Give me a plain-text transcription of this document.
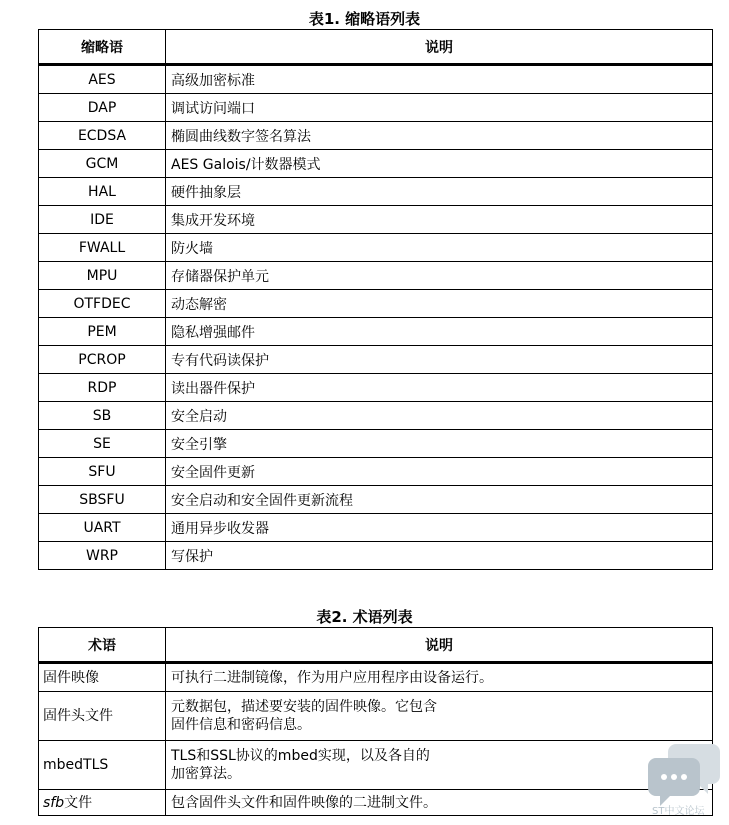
表1. 缩略语列表
缩略语	说明
AES	高级加密标准
DAP	调试访问端口
ECDSA	椭圆曲线数字签名算法
GCM	AES Galois/计数器模式
HAL	硬件抽象层
IDE	集成开发环境
FWALL	防火墙
MPU	存储器保护单元
OTFDEC	动态解密
PEM	隐私增强邮件
PCROP	专有代码读保护
RDP	读出器件保护
SB	安全启动
SE	安全引擎
SFU	安全固件更新
SBSFU	安全启动和安全固件更新流程
UART	通用异步收发器
WRP	写保护
表2. 术语列表
术语	说明
固件映像	可执行二进制镜像，作为用户应用程序由设备运行。

固件头文件	元数据包，描述要安装的固件映像。它包含
固件信息和密码信息。

mbedTLS	TLS和SSL协议的mbed实现，以及各自的
加密算法。

sfb文件	包含固件头文件和固件映像的二进制文件。
ST中文论坛
